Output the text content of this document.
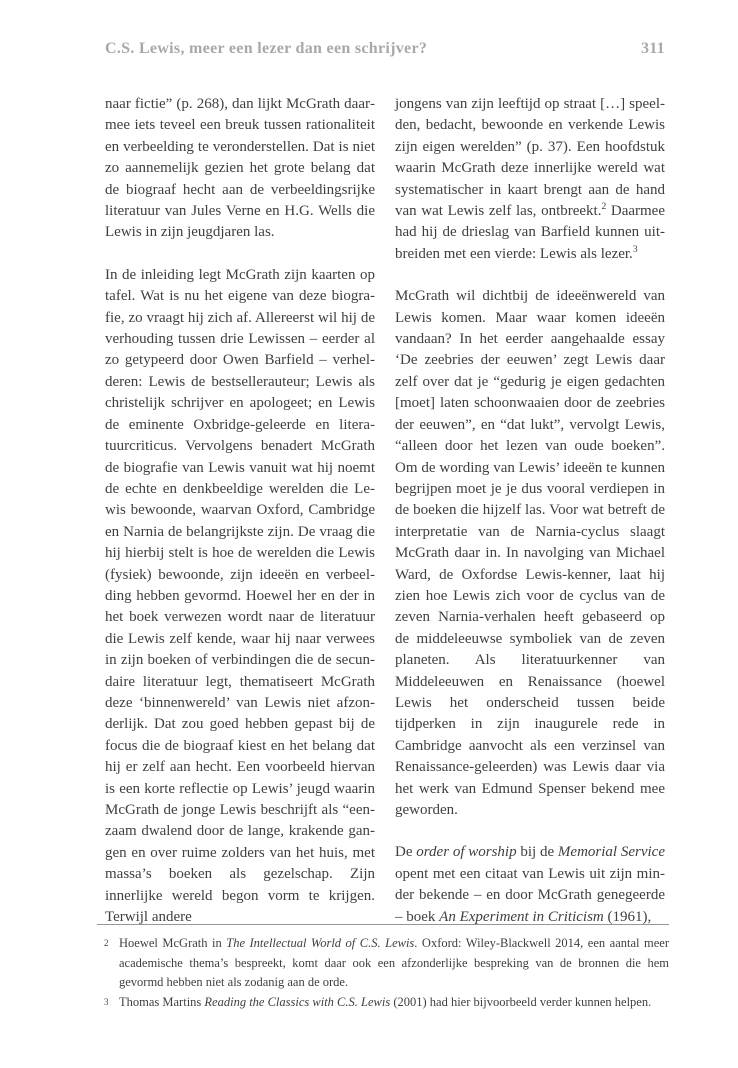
C.S. Lewis, meer een lezer dan een schrijver?	311

naar fictie” (p. 268), dan lijkt McGrath daarmee iets teveel een breuk tussen rationaliteit en verbeelding te veronderstellen. Dat is niet zo aannemelijk gezien het grote belang dat de biograaf hecht aan de verbeeldingsrijke literatuur van Jules Verne en H.G. Wells die Lewis in zijn jeugdjaren las.

In de inleiding legt McGrath zijn kaarten op tafel. Wat is nu het eigene van deze biografie, zo vraagt hij zich af. Allereerst wil hij de verhouding tussen drie Lewissen – eerder al zo getypeerd door Owen Barfield – verhelderen: Lewis de bestsellerauteur; Lewis als christelijk schrijver en apologeet; en Lewis de eminente Oxbridge-geleerde en literatuurcriticus. Vervolgens benadert McGrath de biografie van Lewis vanuit wat hij noemt de echte en denkbeeldige werelden die Lewis bewoonde, waarvan Oxford, Cambridge en Narnia de belangrijkste zijn. De vraag die hij hierbij stelt is hoe de werelden die Lewis (fysiek) bewoonde, zijn ideeën en verbeelding hebben gevormd. Hoewel her en der in het boek verwezen wordt naar de literatuur die Lewis zelf kende, waar hij naar verwees in zijn boeken of verbindingen die de secundaire literatuur legt, thematiseert McGrath deze ‘binnenwereld’ van Lewis niet afzonderlijk. Dat zou goed hebben gepast bij de focus die de biograaf kiest en het belang dat hij er zelf aan hecht. Een voorbeeld hiervan is een korte reflectie op Lewis’ jeugd waarin McGrath de jonge Lewis beschrijft als “eenzaam dwalend door de lange, krakende gangen en over ruime zolders van het huis, met massa’s boeken als gezelschap. Zijn innerlijke wereld begon vorm te krijgen. Terwijl andere

jongens van zijn leeftijd op straat […] speelden, bedacht, bewoonde en verkende Lewis zijn eigen werelden” (p. 37). Een hoofdstuk waarin McGrath deze innerlijke wereld wat systematischer in kaart brengt aan de hand van wat Lewis zelf las, ontbreekt.$^2$ Daarmee had hij de drieslag van Barfield kunnen uitbreiden met een vierde: Lewis als lezer.$^3$

McGrath wil dichtbij de ideeënwereld van Lewis komen. Maar waar komen ideeën vandaan? In het eerder aangehaalde essay ‘De zeebries der eeuwen’ zegt Lewis daar zelf over dat je “gedurig je eigen gedachten [moet] laten schoonwaaien door de zeebries der eeuwen”, en “dat lukt”, vervolgt Lewis, “alleen door het lezen van oude boeken”. Om de wording van Lewis’ ideeën te kunnen begrijpen moet je je dus vooral verdiepen in de boeken die hijzelf las. Voor wat betreft de interpretatie van de Narnia-cyclus slaagt McGrath daar in. In navolging van Michael Ward, de Oxfordse Lewis-kenner, laat hij zien hoe Lewis zich voor de cyclus van de zeven Narnia-verhalen heeft gebaseerd op de middeleeuwse symboliek van de zeven planeten. Als literatuurkenner van Middeleeuwen en Renaissance (hoewel Lewis het onderscheid tussen beide tijdperken in zijn inaugurele rede in Cambridge aanvocht als een verzinsel van Renaissance-geleerden) was Lewis daar via het werk van Edmund Spenser bekend mee geworden.

De order of worship bij de Memorial Service opent met een citaat van Lewis uit zijn minder bekende – en door McGrath genegeerde – boek An Experiment in Criticism (1961),

2 Hoewel McGrath in The Intellectual World of C.S. Lewis. Oxford: Wiley-Blackwell 2014, een aantal meer academische thema’s bespreekt, komt daar ook een afzonderlijke bespreking van de bronnen die hem gevormd hebben niet als zodanig aan de orde.
3 Thomas Martins Reading the Classics with C.S. Lewis (2001) had hier bijvoorbeeld verder kunnen helpen.
